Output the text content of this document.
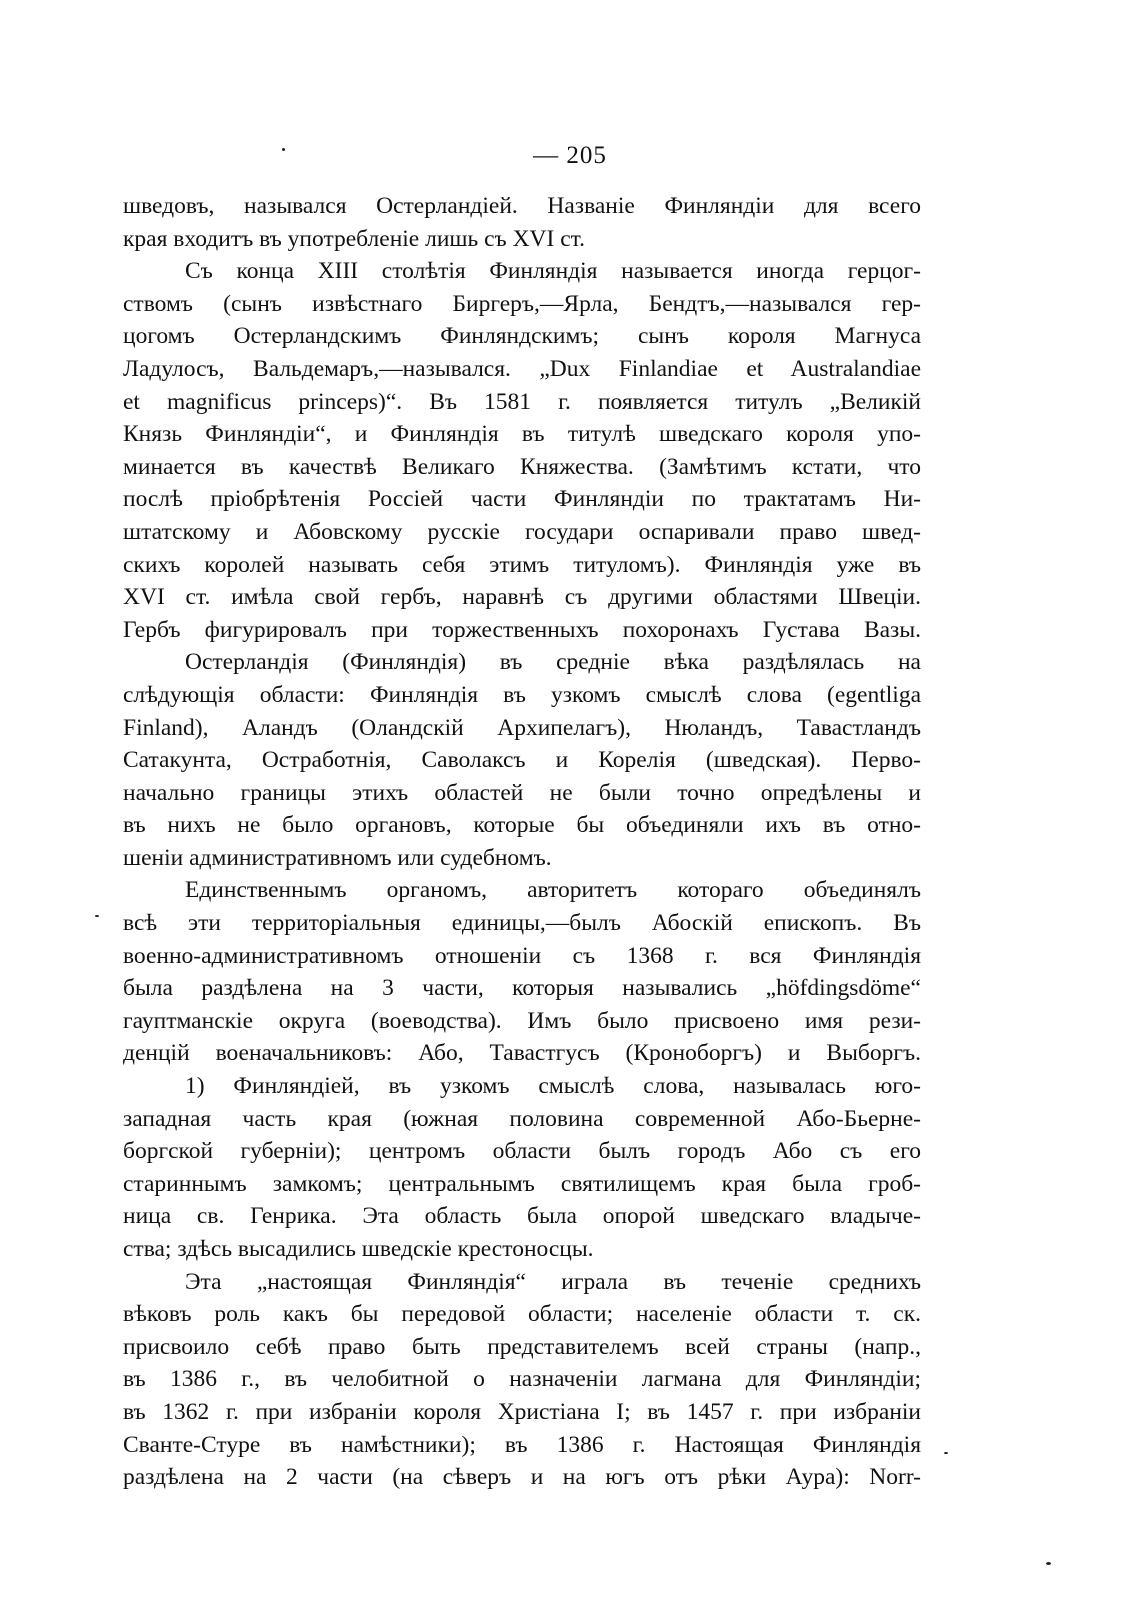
— 205
шведовъ, назывался Остерландіей. Названіе Финляндіи для всего
края входитъ въ употребленіе лишь съ XVI ст.
Съ конца XIII столѣтія Финляндія называется иногда герцог-
ствомъ (сынъ извѣстнаго Биргеръ,—Ярла, Бендтъ,—назывался гер-
цогомъ Остерландскимъ Финляндскимъ; сынъ короля Магнуса
Ладулосъ, Вальдемаръ,—назывался. „Dux Finlandiae et Australandiae
et magnificus princeps)“. Въ 1581 г. появляется титулъ „Великій
Князь Финляндіи“, и Финляндія въ титулѣ шведскаго короля упо-
минается въ качествѣ Великаго Княжества. (Замѣтимъ кстати, что
послѣ пріобрѣтенія Россіей части Финляндіи по трактатамъ Ни-
штатскому и Абовскому русскіе государи оспаривали право швед-
скихъ королей называть себя этимъ титуломъ). Финляндія уже въ
XVI ст. имѣла свой гербъ, наравнѣ съ другими областями Швеціи.
Гербъ фигурировалъ при торжественныхъ похоронахъ Густава Вазы.
Остерландія (Финляндія) въ средніе вѣка раздѣлялась на
слѣдующія области: Финляндія въ узкомъ смыслѣ слова (egentliga
Finland), Аландъ (Оландскій Архипелагъ), Нюландъ, Тавастландъ
Сатакунта, Остработнія, Саволаксъ и Корелія (шведская). Перво-
начально границы этихъ областей не были точно опредѣлены и
въ нихъ не было органовъ, которые бы объединяли ихъ въ отно-
шеніи административномъ или судебномъ.
Единственнымъ органомъ, авторитетъ котораго объединялъ
всѣ эти территоріальныя единицы,—былъ Абоскій епископъ. Въ
военно-административномъ отношеніи съ 1368 г. вся Финляндія
была раздѣлена на 3 части, которыя назывались „höfdingsdöme“
гауптманскіе округа (воеводства). Имъ было присвоено имя рези-
денцій военачальниковъ: Або, Тавастгусъ (Кроноборгъ) и Выборгъ.
1) Финляндіей, въ узкомъ смыслѣ слова, называлась юго-
западная часть края (южная половина современной Або-Бьерне-
боргской губерніи); центромъ области былъ городъ Або съ его
стариннымъ замкомъ; центральнымъ святилищемъ края была гроб-
ница св. Генрика. Эта область была опорой шведскаго владыче-
ства; здѣсь высадились шведскіе крестоносцы.
Эта „настоящая Финляндія“ играла въ теченіе среднихъ
вѣковъ роль какъ бы передовой области; населеніе области т. ск.
присвоило себѣ право быть представителемъ всей страны (напр.,
въ 1386 г., въ челобитной о назначеніи лагмана для Финляндіи;
въ 1362 г. при избраніи короля Христіана I; въ 1457 г. при избраніи
Сванте-Стуре въ намѣстники); въ 1386 г. Настоящая Финляндія
раздѣлена на 2 части (на сѣверъ и на югъ отъ рѣки Аура): Norr-
